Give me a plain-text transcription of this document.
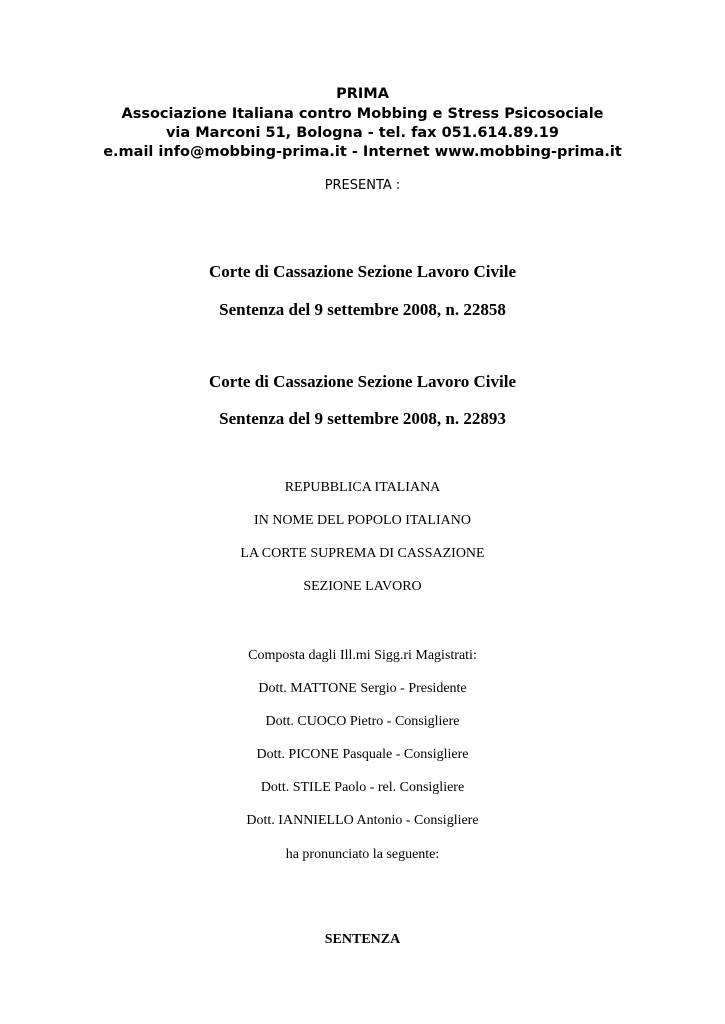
PRIMA
Associazione Italiana contro Mobbing e Stress Psicosociale
via Marconi 51, Bologna - tel. fax 051.614.89.19
e.mail info@mobbing-prima.it - Internet www.mobbing-prima.it
PRESENTA :
Corte di Cassazione Sezione Lavoro Civile
Sentenza del 9 settembre 2008, n. 22858
Corte di Cassazione Sezione Lavoro Civile
Sentenza del 9 settembre 2008, n. 22893
REPUBBLICA ITALIANA
IN NOME DEL POPOLO ITALIANO
LA CORTE SUPREMA DI CASSAZIONE
SEZIONE LAVORO
Composta dagli Ill.mi Sigg.ri Magistrati:
Dott. MATTONE Sergio - Presidente
Dott. CUOCO Pietro - Consigliere
Dott. PICONE Pasquale - Consigliere
Dott. STILE Paolo - rel. Consigliere
Dott. IANNIELLO Antonio - Consigliere
ha pronunciato la seguente:
SENTENZA
